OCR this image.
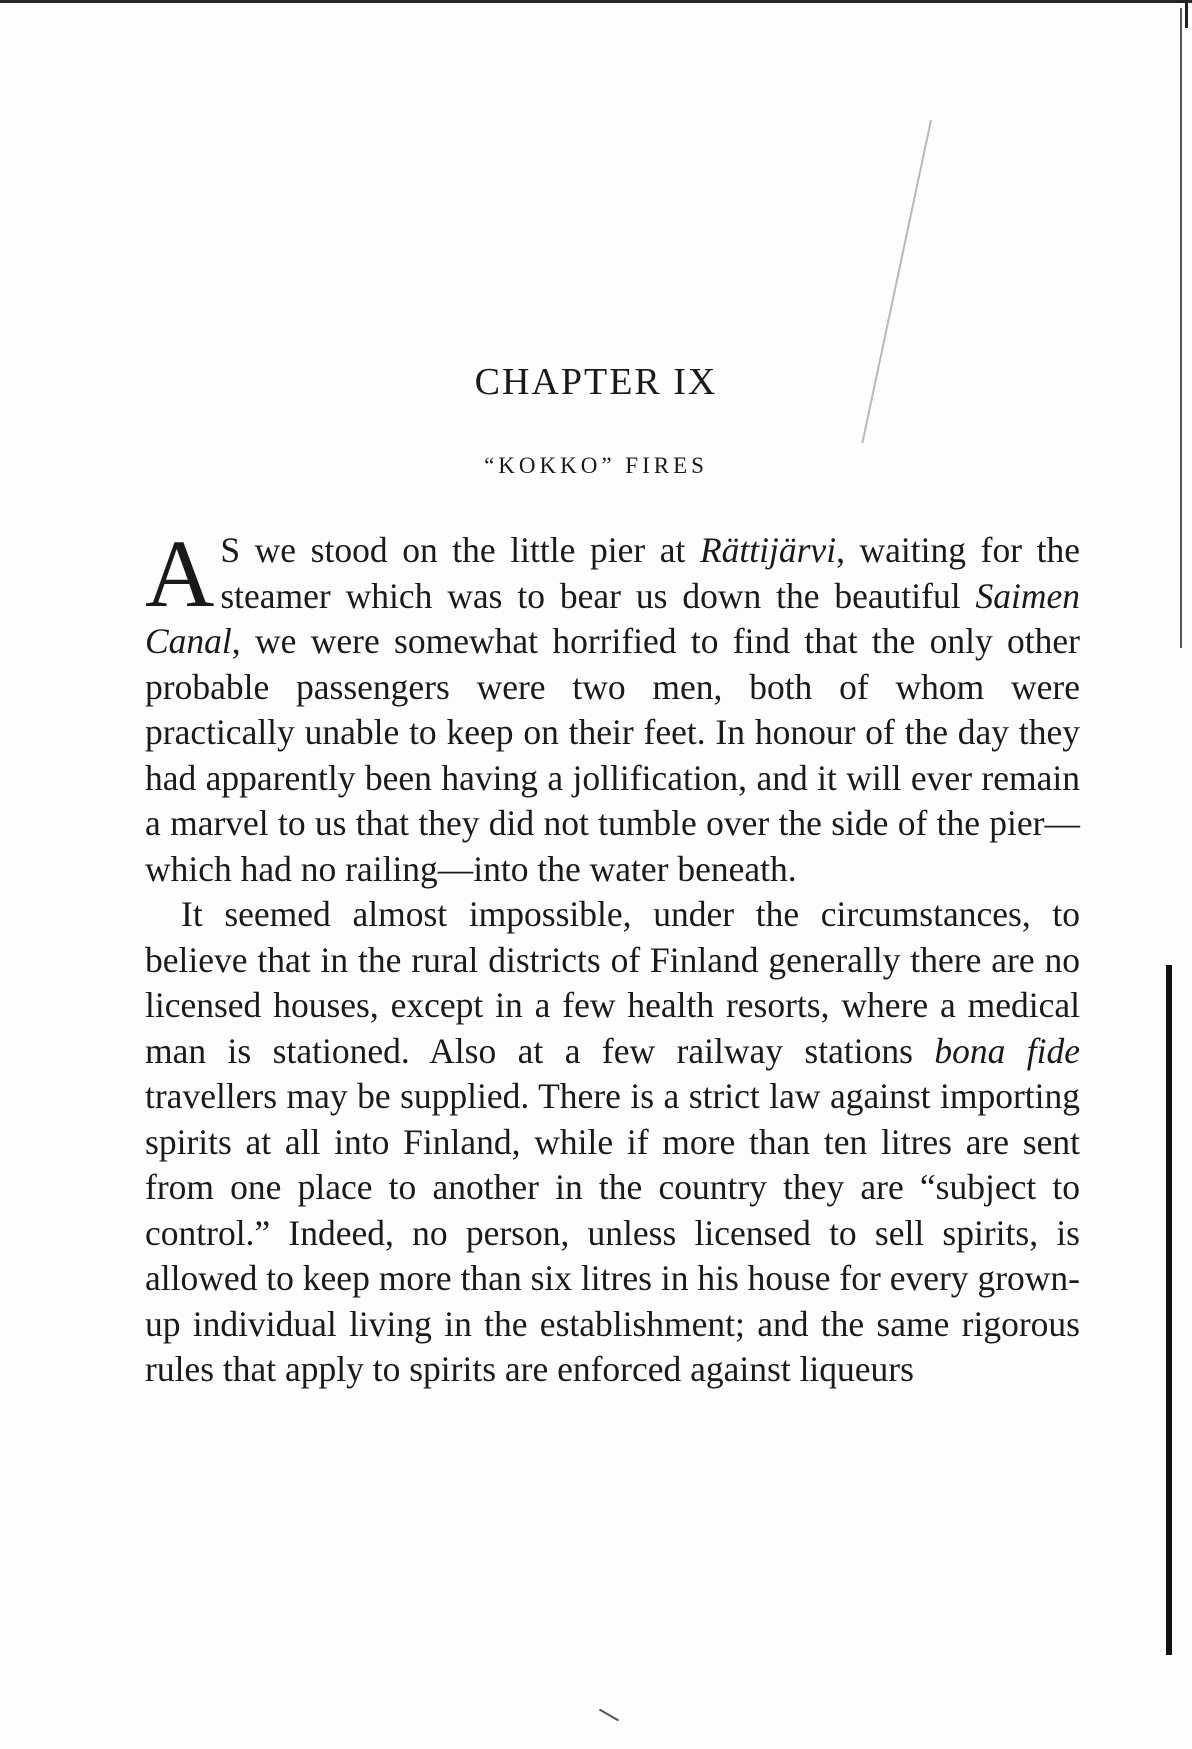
CHAPTER IX
“KOKKO” FIRES

A S we stood on the little pier at Rättijärvi, waiting for the steamer which was to bear us down the beautiful Saimen Canal, we were somewhat horrified to find that the only other probable passengers were two men, both of whom were practically unable to keep on their feet. In honour of the day they had apparently been having a jollification, and it will ever remain a marvel to us that they did not tumble over the side of the pier—which had no railing—into the water beneath.

It seemed almost impossible, under the circumstances, to believe that in the rural districts of Finland generally there are no licensed houses, except in a few health resorts, where a medical man is stationed. Also at a few railway stations bona fide travellers may be supplied. There is a strict law against importing spirits at all into Finland, while if more than ten litres are sent from one place to another in the country they are “subject to control.” Indeed, no person, unless licensed to sell spirits, is allowed to keep more than six litres in his house for every grown-up individual living in the establishment; and the same rigorous rules that apply to spirits are enforced against liqueurs
